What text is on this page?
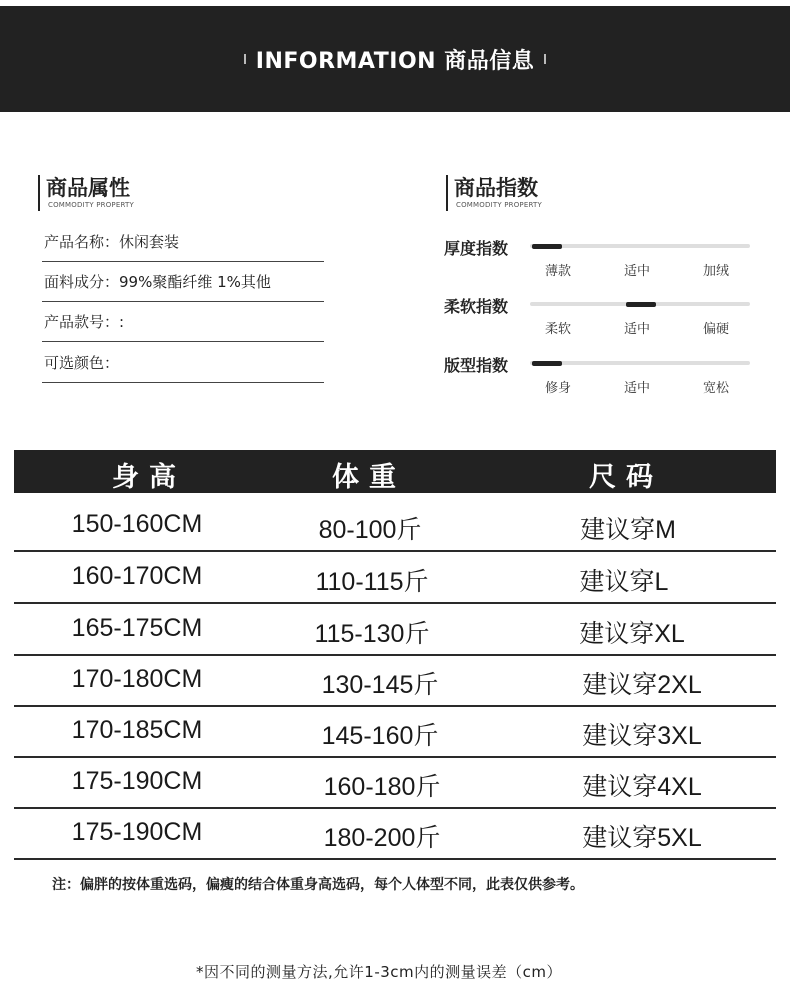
INFORMATION 商品信息
商品属性
COMMODITY PROPERTY
产品名称：休闲套装
面料成分：99%聚酯纤维 1%其他
产品款号：:
可选颜色：
商品指数
COMMODITY PROPERTY
厚度指数
薄款	适中	加绒
柔软指数
柔软	适中	偏硬
版型指数
修身	适中	宽松
身高	体重	尺码
150-160CM	80-100斤	建议穿M
160-170CM	110-115斤	建议穿L
165-175CM	115-130斤	建议穿XL
170-180CM	130-145斤	建议穿2XL
170-185CM	145-160斤	建议穿3XL
175-190CM	160-180斤	建议穿4XL
175-190CM	180-200斤	建议穿5XL
注：偏胖的按体重选码，偏瘦的结合体重身高选码，每个人体型不同，此表仅供参考。
*因不同的测量方法,允许1-3cm内的测量误差（cm）
